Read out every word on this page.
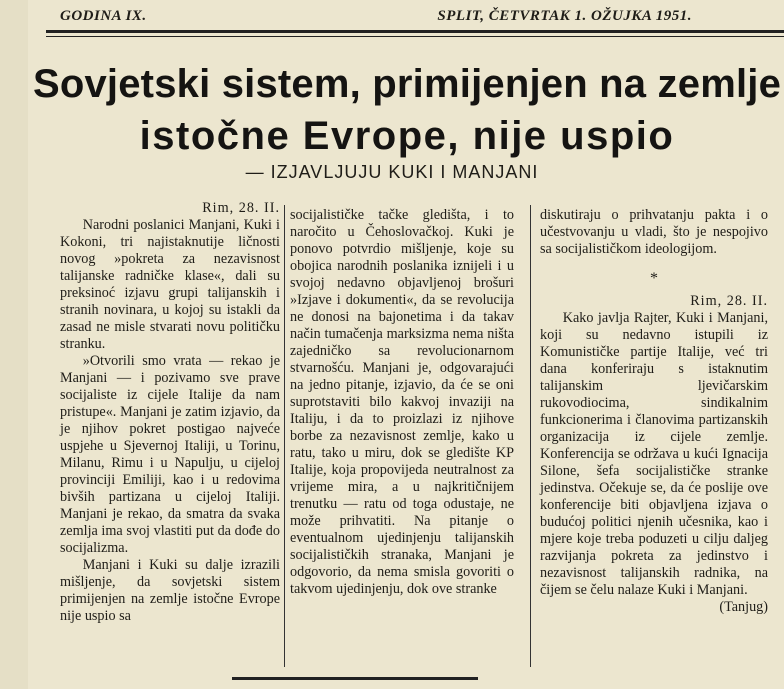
GODINA IX.	SPLIT, ČETVRTAK 1. OŽUJKA 1951.
Sovjetski sistem, primijenjen na zemlje
istočne Evrope, nije uspio
— IZJAVLJUJU KUKI I MANJANI

Rim, 28. II.

Narodni poslanici Manjani, Kuki i Kokoni, tri najistaknutije ličnosti novog »pokreta za nezavisnost talijanske radničke klase«, dali su preksinoć izjavu grupi talijanskih i stranih novinara, u kojoj su istakli da zasad ne misle stvarati novu političku stranku.

»Otvorili smo vrata — rekao je Manjani — i pozivamo sve prave socijaliste iz cijele Italije da nam pristupe«. Manjani je zatim izjavio, da je njihov pokret postigao najveće uspjehe u Sjevernoj Italiji, u Torinu, Milanu, Rimu i u Napulju, u cijeloj provinciji Emiliji, kao i u redovima bivših partizana u cijeloj Italiji. Manjani je rekao, da smatra da svaka zemlja ima svoj vlastiti put da dođe do socijalizma.

Manjani i Kuki su dalje izrazili mišljenje, da sovjetski sistem primijenjen na zemlje istočne Evrope nije uspio sa

socijalističke tačke gledišta, i to naročito u Čehoslovačkoj. Kuki je ponovo potvrdio mišljenje, koje su obojica narodnih poslanika iznijeli i u svojoj nedavno objavljenoj brošuri »Izjave i dokumenti«, da se revolucija ne donosi na bajonetima i da takav način tumačenja marksizma nema ništa zajedničko sa revolucionarnom stvarnošću. Manjani je, odgovarajući na jedno pitanje, izjavio, da će se oni suprotstaviti bilo kakvoj invaziji na Italiju, i da to proizlazi iz njihove borbe za nezavisnost zemlje, kako u ratu, tako u miru, dok se gledište KP Italije, koja propovijeda neutralnost za vrijeme mira, a u najkritičnijem trenutku — ratu od toga odustaje, ne može prihvatiti. Na pitanje o eventualnom ujedinjenju talijanskih socijalističkih stranaka, Manjani je odgovorio, da nema smisla govoriti o takvom ujedinjenju, dok ove stranke

diskutiraju o prihvatanju pakta i o učestvovanju u vladi, što je nespojivo sa socijalističkom ideologijom.

*

Rim, 28. II.

Kako javlja Rajter, Kuki i Manjani, koji su nedavno istupili iz Komunističke partije Italije, već tri dana konferiraju s istaknutim talijanskim ljevičarskim rukovodiocima, sindikalnim funkcionerima i članovima partizanskih organizacija iz cijele zemlje. Konferencija se održava u kući Ignacija Silone, šefa socijalističke stranke jedinstva. Očekuje se, da će poslije ove konferencije biti objavljena izjava o budućoj politici njenih učesnika, kao i mjere koje treba poduzeti u cilju daljeg razvijanja pokreta za jedinstvo i nezavisnost talijanskih radnika, na čijem se čelu nalaze Kuki i Manjani.

(Tanjug)
